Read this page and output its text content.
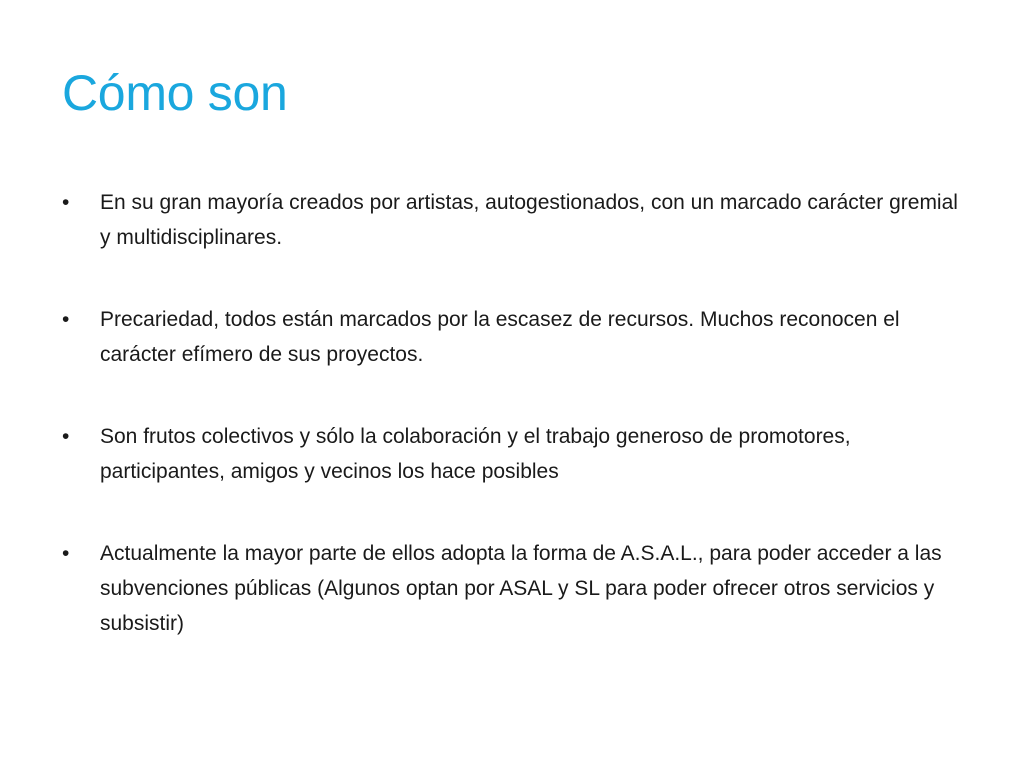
Cómo son
• En su gran mayoría creados por artistas, autogestionados, con un marcado carácter gremial y multidisciplinares.
• Precariedad, todos están marcados por la escasez de recursos. Muchos reconocen el carácter efímero de sus proyectos.
• Son frutos colectivos y sólo la colaboración y el trabajo generoso de promotores, participantes, amigos y vecinos los hace posibles
• Actualmente la mayor parte de ellos adopta la forma de A.S.A.L., para poder acceder a las subvenciones públicas (Algunos optan por ASAL y SL para poder ofrecer otros servicios y subsistir)
